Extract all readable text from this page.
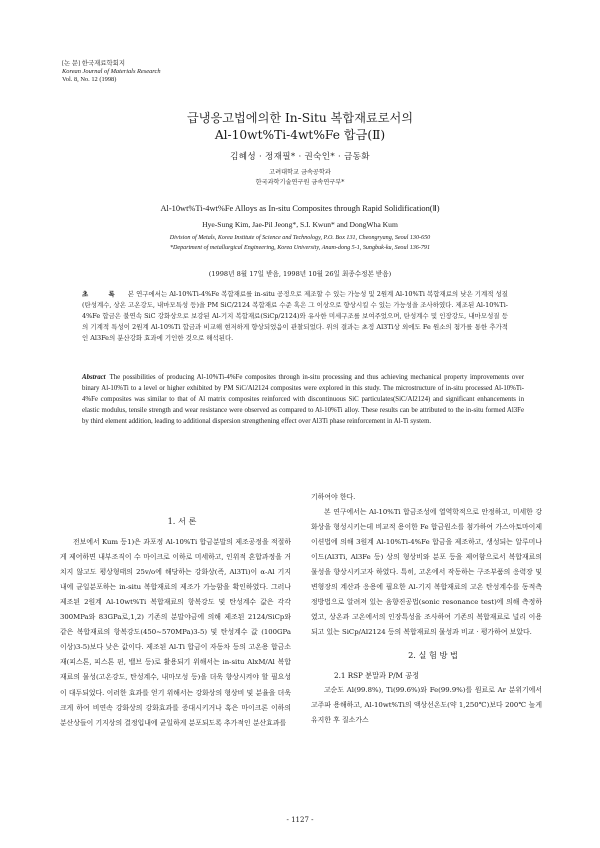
[논 문] 한국재료학회지
Korean Journal of Materials Research
Vol. 8, No. 12 (1998)
급냉응고법에의한 In-Situ 복합재료로서의
Al-10wt%Ti-4wt%Fe 합금(Ⅱ)
김혜성 · 정재필* · 권숙인* · 금동화
고려대학교 금속공학과
한국과학기술연구원 금속연구부*
Al-10wt%Ti-4wt%Fe Alloys as In-situ Composites through Rapid Solidification(Ⅱ)
Hye-Sung Kim, Jae-Pil Jeong*, S.I. Kwun* and DongWha Kum
Division of Metals, Korea Institute of Science and Technology, P.O. Box 131, Cheongryang, Seoul 130-650
*Department of metallurgical Engineering, Korea University, Anam-dong 5-1, Sungbuk-ku, Seoul 136-791
(1998년 8월 17일 받음, 1998년 10월 26일 최종수정본 받음)
초 록 본 연구에서는 Al-10%Ti-4%Fe 복합재료를 in-situ 공정으로 제조할 수 있는 가능성 및 2원계 Al-10%Ti 복합재료의 낮은 기계적 성질(탄성계수, 상온 고온강도, 내마모특성 등)을 PM SiC/2124 복합재료 수준 혹은 그 이상으로 향상시킬 수 있는 가능성을 조사하였다. 제조된 Al-10%Ti-4%Fe 합금은 불연속 SiC 강화상으로 보강된 Al-기지 복합재료(SiCp/2124)와 유사한 미세구조를 보여주었으며, 탄성계수 및 인장강도, 내마모성질 등의 기계적 특성이 2원계 Al-10%Ti 합금과 비교해 현저하게 향상되었음이 관찰되었다. 위의 결과는 초정 Al3Ti상 외에도 Fe 원소의 첨가를 통한 추가적인 Al3Fe의 분산강화 효과에 기인한 것으로 해석된다.
Abstract The possibilities of producing Al-10%Ti-4%Fe composites through in-situ processing and thus achieving mechanical property improvements over binary Al-10%Ti to a level or higher exhibited by PM SiC/Al2124 composites were explored in this study. The microstructure of in-situ processed Al-10%Ti-4%Fe composites was similar to that of Al matrix composites reinforced with discontinuous SiC particulates(SiC/Al2124) and significant enhancements in elastic modulus, tensile strength and wear resistance were observed as compared to Al-10%Ti alloy. These results can be attributed to the in-situ formed Al3Fe by third element addition, leading to additional dispersion strengthening effect over Al3Ti phase reinforcement in Al-Ti system.

1. 서 론

전보에서 Kum 등1)은 과포정 Al-10%Ti 합금분말의 제조공정을 적절하게 제어하면 내부조직이 수 마이크로 이하로 미세하고, 인위적 혼합과정을 거치지 않고도 평상형태의 25v/o에 해당하는 강화상(즉, Al3Ti)이 α-Al 기지 내에 균일분포하는 in-situ 복합재료의 제조가 가능함을 확인하였다. 그러나 제조된 2원계 Al-10wt%Ti 복합재료의 항복강도 및 탄성계수 값은 각각 300MPa와 83GPa로,1,2) 기존의 분말야금에 의해 제조된 2124/SiCp와 같은 복합재료의 항복강도(450~570MPa)3-5) 및 탄성계수 값 (100GPa 이상)3-5)보다 낮은 값이다. 제조된 Al-Ti 합금이 자동차 등의 고온용 합금소재(피스톤, 피스톤 핀, 밸브 등)로 활용되기 위해서는 in-situ AlxM/Al 복합재료의 물성(고온강도, 탄성계수, 내마모성 등)을 더욱 향상시켜야 할 필요성이 대두되었다. 이러한 효과를 얻기 위해서는 강화상의 형상비 및 분율을 더욱 크게 하여 비연속 강화상의 강화효과를 증대시키거나 혹은 마이크론 이하의 분산상들이 기지상의 결정입내에 균일하게 분포되도록 추가적인 분산효과를

기하여야 한다.

본 연구에서는 Al-10%Ti 합금조성에 열역학적으로 안정하고, 미세한 강화상을 형성시키는데 비교적 용이한 Fe 합금원소를 첨가하여 가스아토마이제이션법에 의해 3원계 Al-10%Ti-4%Fe 합금을 제조하고, 생성되는 알루미나이드(Al3Ti, Al3Fe 등) 상의 형상비와 분포 등을 제어함으로서 복합재료의 물성을 향상시키고자 하였다. 특히, 고온에서 작동하는 구조부품의 응력장 및 변형장의 계산과 응용에 필요한 Al-기지 복합재료의 고온 탄성계수를 동적측정방법으로 알려져 있는 음향진공법(sonic resonance test)에 의해 측정하였고, 상온과 고온에서의 인장특성을 조사하여 기존의 복합재료로 널리 이용되고 있는 SiCp/Al2124 등의 복합재료의 물성과 비교 · 평가하여 보았다.

2. 실 험 방 법

2.1 RSP 분말과 P/M 공정

고순도 Al(99.8%), Ti(99.6%)와 Fe(99.9%)를 원료로 Ar 분위기에서 고주파 용해하고, Al-10wt%Ti의 액상선온도(약 1,250℃)보다 200℃ 높게 유지한 후 질소가스

- 1127 -
